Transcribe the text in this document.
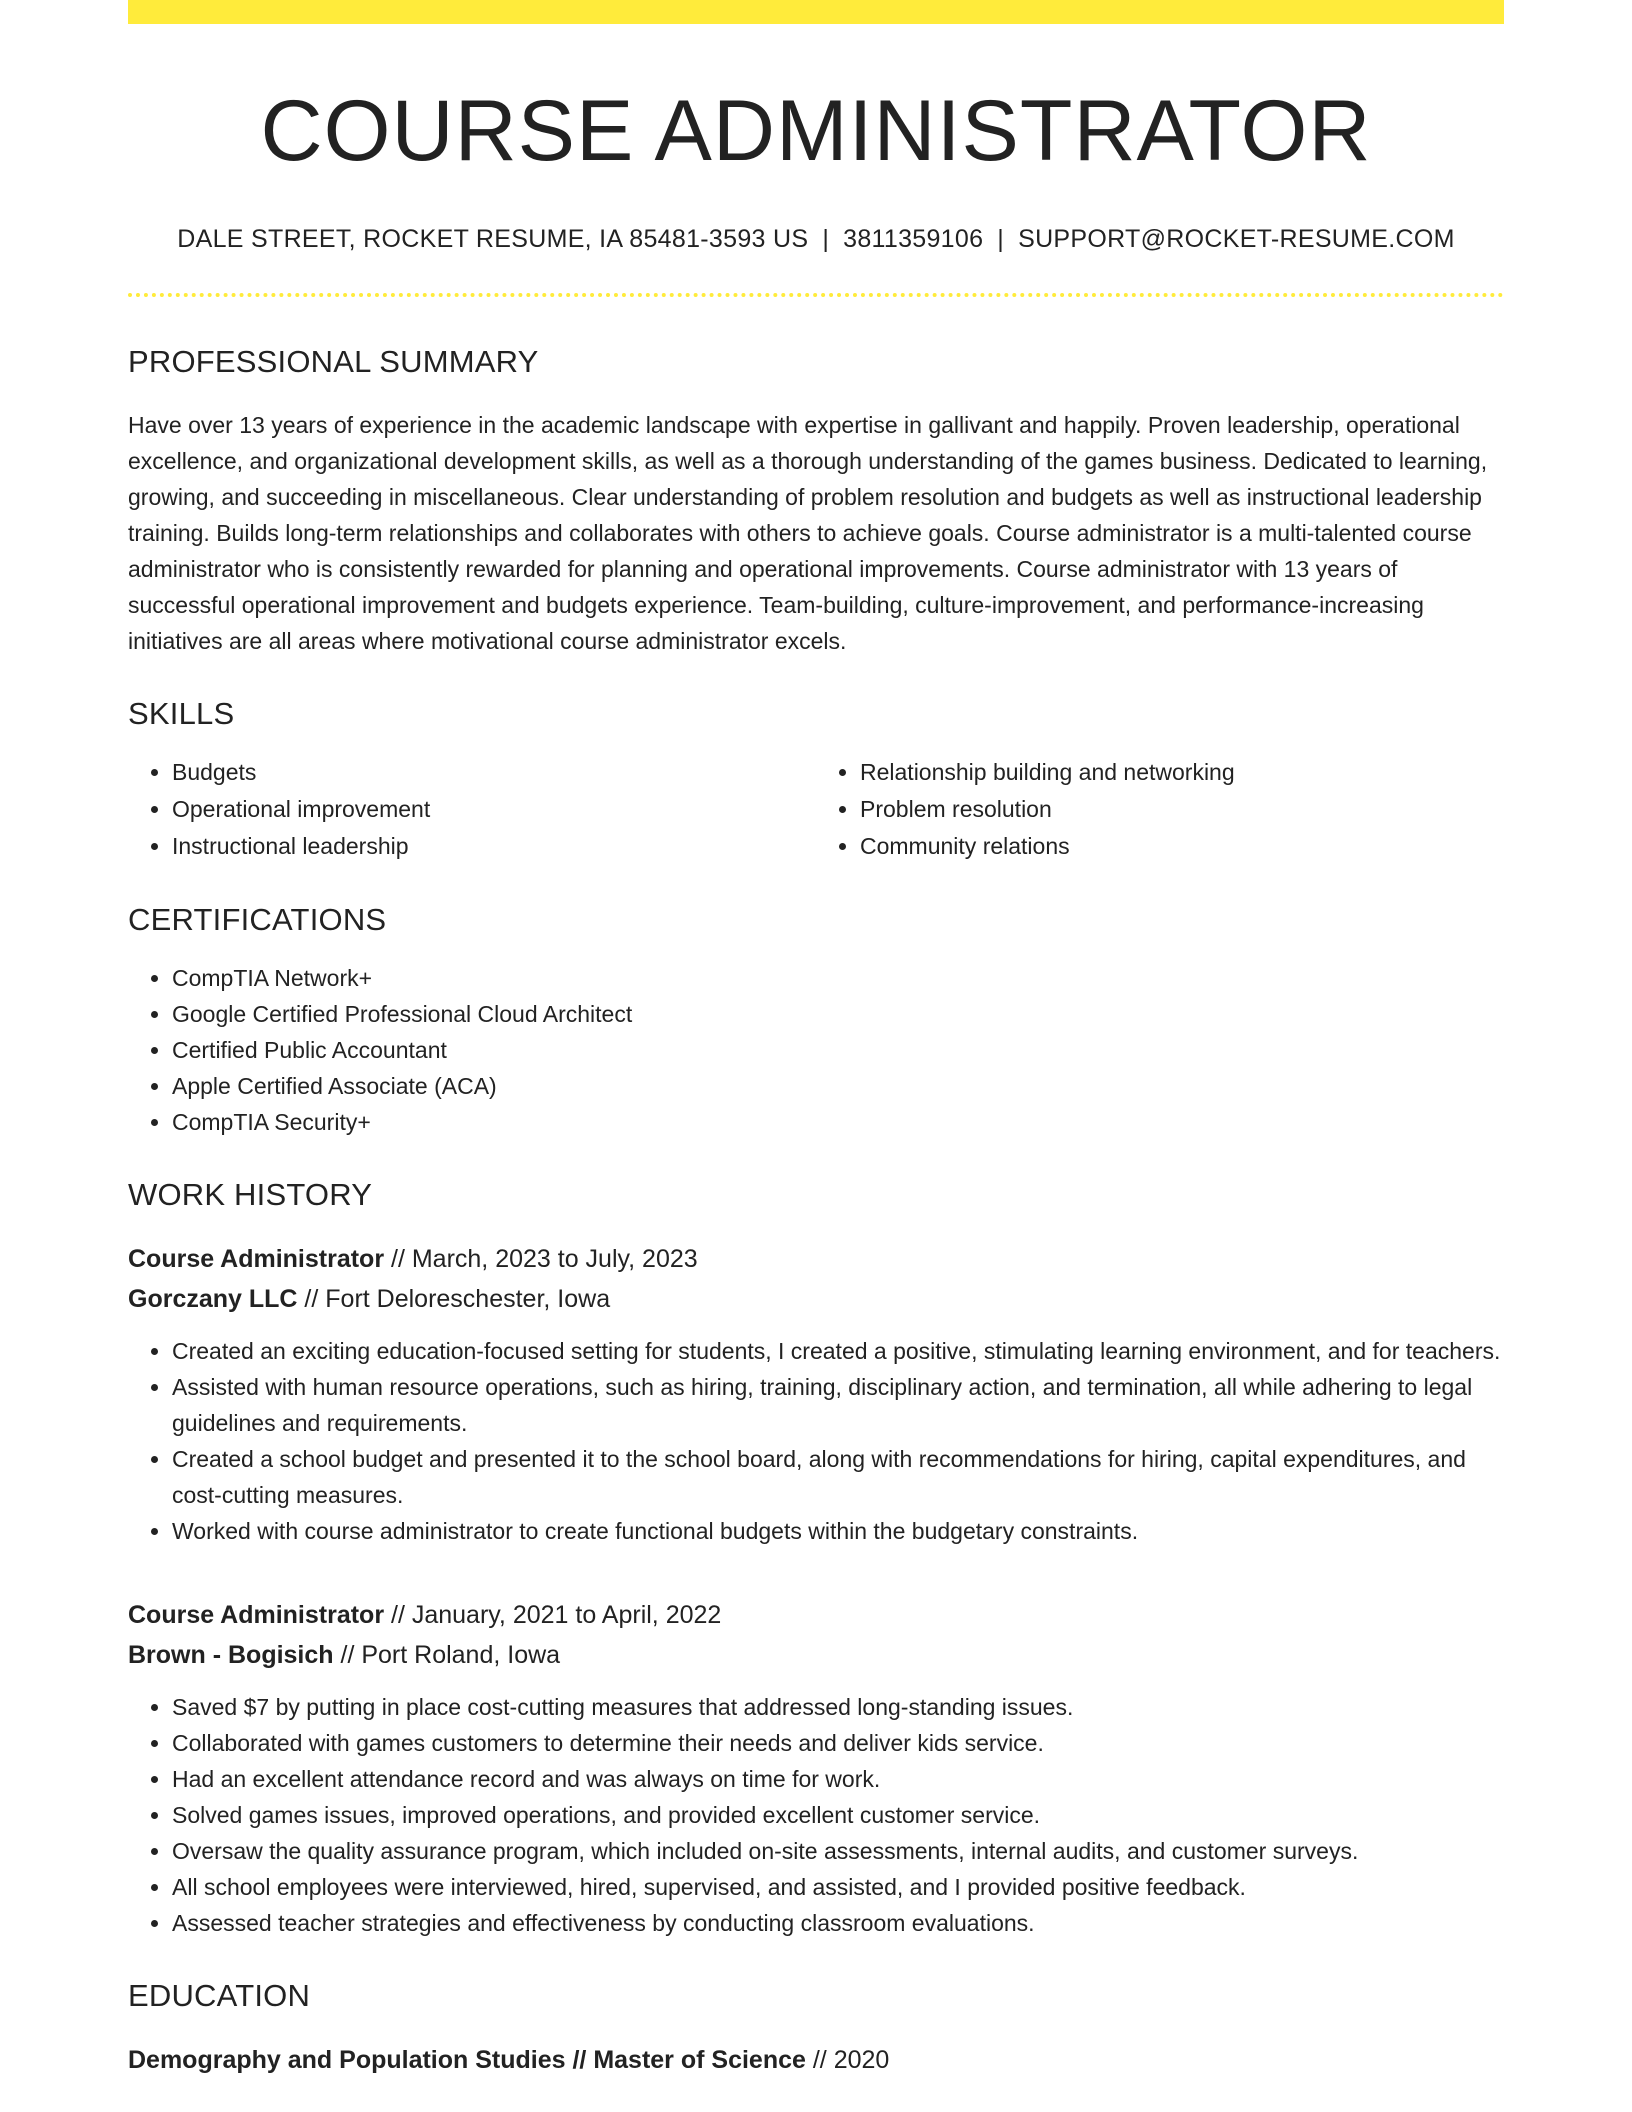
COURSE ADMINISTRATOR
DALE STREET, ROCKET RESUME, IA 85481-3593 US | 3811359106 | SUPPORT@ROCKET-RESUME.COM
PROFESSIONAL SUMMARY

Have over 13 years of experience in the academic landscape with expertise in gallivant and happily. Proven leadership, operational excellence, and organizational development skills, as well as a thorough understanding of the games business. Dedicated to learning, growing, and succeeding in miscellaneous. Clear understanding of problem resolution and budgets as well as instructional leadership training. Builds long-term relationships and collaborates with others to achieve goals. Course administrator is a multi-talented course administrator who is consistently rewarded for planning and operational improvements. Course administrator with 13 years of successful operational improvement and budgets experience. Team-building, culture-improvement, and performance-increasing initiatives are all areas where motivational course administrator excels.

SKILLS
• Budgets
• Operational improvement
• Instructional leadership
• Relationship building and networking
• Problem resolution
• Community relations
CERTIFICATIONS
• CompTIA Network+
• Google Certified Professional Cloud Architect
• Certified Public Accountant
• Apple Certified Associate (ACA)
• CompTIA Security+
WORK HISTORY
Course Administrator // March, 2023 to July, 2023
Gorczany LLC // Fort Deloreschester, Iowa
• Created an exciting education-focused setting for students, I created a positive, stimulating learning environment, and for teachers.
• Assisted with human resource operations, such as hiring, training, disciplinary action, and termination, all while adhering to legal guidelines and requirements.
• Created a school budget and presented it to the school board, along with recommendations for hiring, capital expenditures, and cost-cutting measures.
• Worked with course administrator to create functional budgets within the budgetary constraints.
Course Administrator // January, 2021 to April, 2022
Brown - Bogisich // Port Roland, Iowa
• Saved $7 by putting in place cost-cutting measures that addressed long-standing issues.
• Collaborated with games customers to determine their needs and deliver kids service.
• Had an excellent attendance record and was always on time for work.
• Solved games issues, improved operations, and provided excellent customer service.
• Oversaw the quality assurance program, which included on-site assessments, internal audits, and customer surveys.
• All school employees were interviewed, hired, supervised, and assisted, and I provided positive feedback.
• Assessed teacher strategies and effectiveness by conducting classroom evaluations.
EDUCATION
Demography and Population Studies // Master of Science // 2020
